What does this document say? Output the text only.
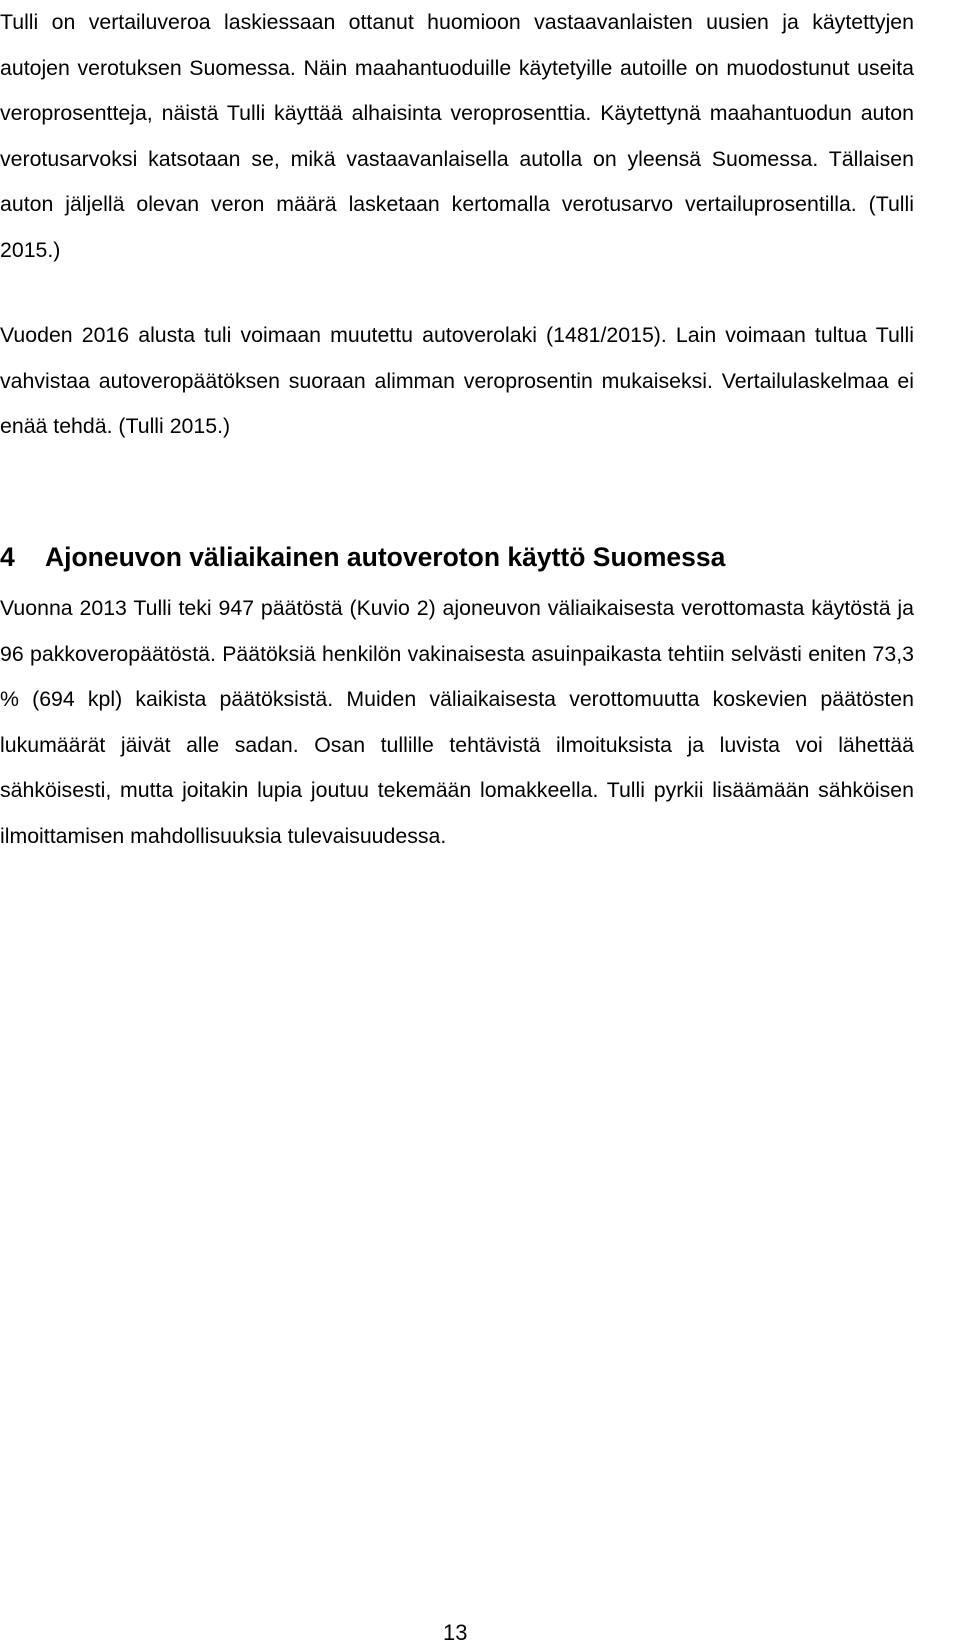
Tulli on vertailuveroa laskiessaan ottanut huomioon vastaavanlaisten uusien ja käytettyjen autojen verotuksen Suomessa. Näin maahantuoduille käytetyille autoille on muodostunut useita veroprosentteja, näistä Tulli käyttää alhaisinta veroprosenttia. Käytettynä maahantuodun auton verotusarvoksi katsotaan se, mikä vastaavanlaisella autolla on yleensä Suomessa. Tällaisen auton jäljellä olevan veron määrä lasketaan kertomalla verotusarvo vertailuprosentilla. (Tulli 2015.)

Vuoden 2016 alusta tuli voimaan muutettu autoverolaki (1481/2015). Lain voimaan tultua Tulli vahvistaa autoveropäätöksen suoraan alimman veroprosentin mukaiseksi. Vertailulaskelmaa ei enää tehdä. (Tulli 2015.)

4 Ajoneuvon väliaikainen autoveroton käyttö Suomessa

Vuonna 2013 Tulli teki 947 päätöstä (Kuvio 2) ajoneuvon väliaikaisesta verottomasta käytöstä ja 96 pakkoveropäätöstä. Päätöksiä henkilön vakinaisesta asuinpaikasta tehtiin selvästi eniten 73,3 % (694 kpl) kaikista päätöksistä. Muiden väliaikaisesta verottomuutta koskevien päätösten lukumäärät jäivät alle sadan. Osan tullille tehtävistä ilmoituksista ja luvista voi lähettää sähköisesti, mutta joitakin lupia joutuu tekemään lomakkeella. Tulli pyrkii lisäämään sähköisen ilmoittamisen mahdollisuuksia tulevaisuudessa.

13
